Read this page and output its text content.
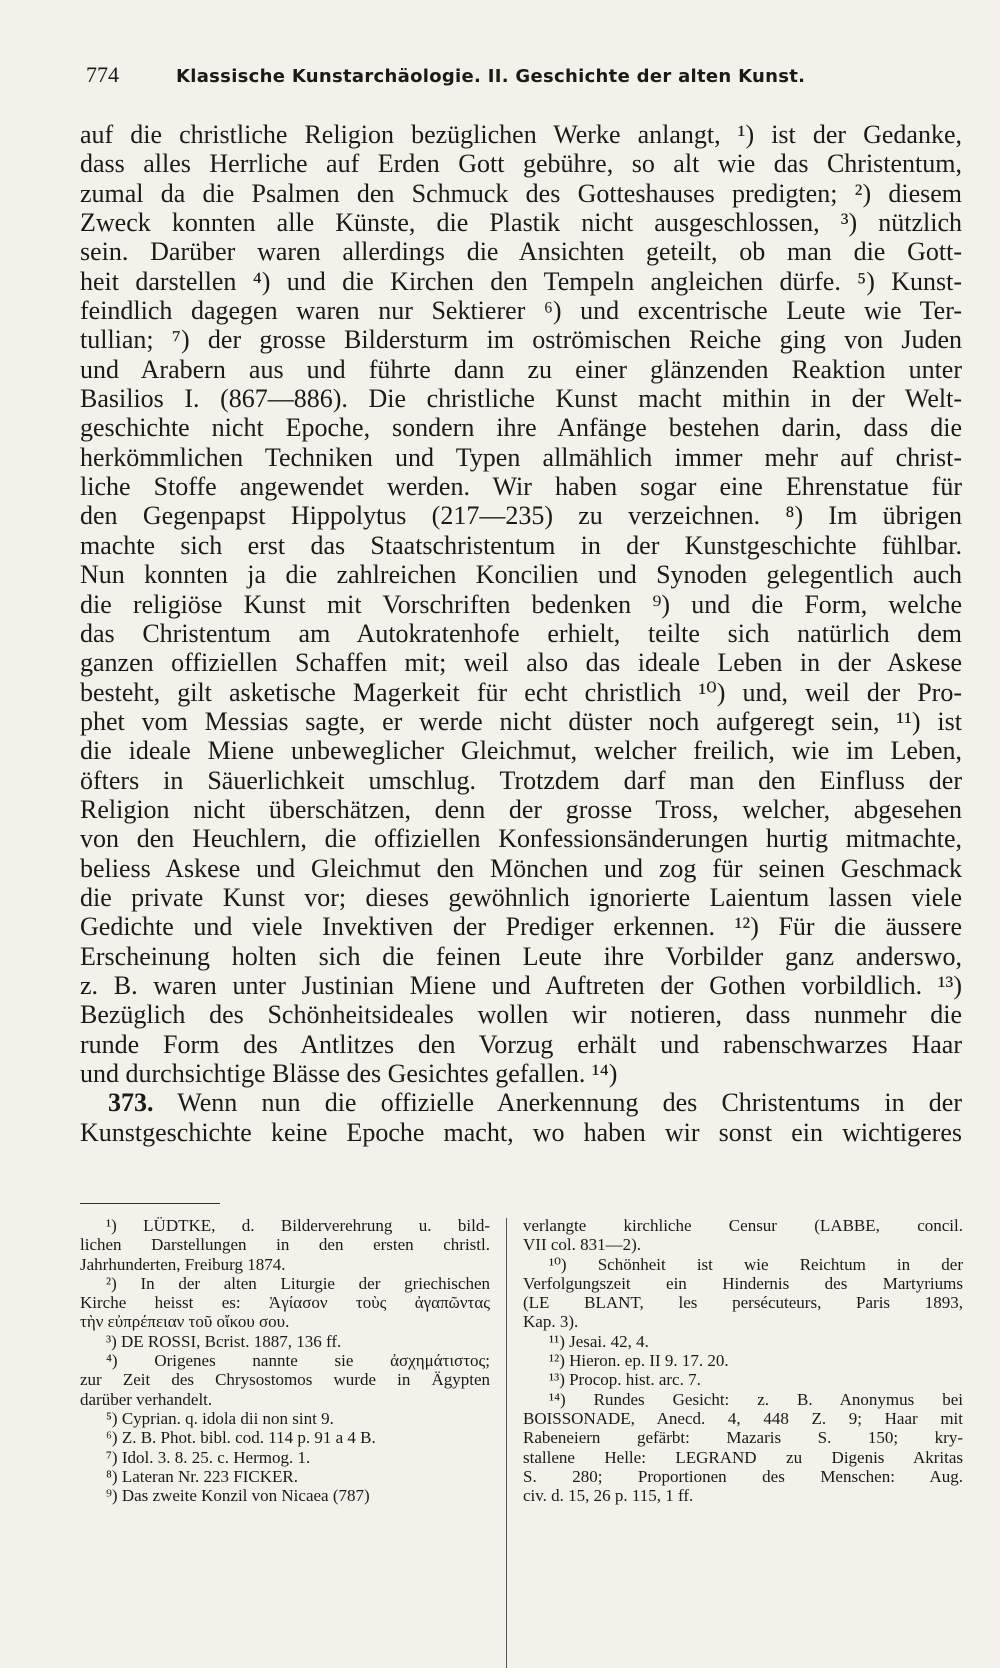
774	Klassische Kunstarchäologie. II. Geschichte der alten Kunst.
auf die christliche Religion bezüglichen Werke anlangt, ¹) ist der Gedanke,
dass alles Herrliche auf Erden Gott gebühre, so alt wie das Christentum,
zumal da die Psalmen den Schmuck des Gotteshauses predigten; ²) diesem
Zweck konnten alle Künste, die Plastik nicht ausgeschlossen, ³) nützlich
sein. Darüber waren allerdings die Ansichten geteilt, ob man die Gott-
heit darstellen ⁴) und die Kirchen den Tempeln angleichen dürfe. ⁵) Kunst-
feindlich dagegen waren nur Sektierer ⁶) und excentrische Leute wie Ter-
tullian; ⁷) der grosse Bildersturm im oströmischen Reiche ging von Juden
und Arabern aus und führte dann zu einer glänzenden Reaktion unter
Basilios I. (867—886). Die christliche Kunst macht mithin in der Welt-
geschichte nicht Epoche, sondern ihre Anfänge bestehen darin, dass die
herkömmlichen Techniken und Typen allmählich immer mehr auf christ-
liche Stoffe angewendet werden. Wir haben sogar eine Ehrenstatue für
den Gegenpapst Hippolytus (217—235) zu verzeichnen. ⁸) Im übrigen
machte sich erst das Staatschristentum in der Kunstgeschichte fühlbar.
Nun konnten ja die zahlreichen Koncilien und Synoden gelegentlich auch
die religiöse Kunst mit Vorschriften bedenken ⁹) und die Form, welche
das Christentum am Autokratenhofe erhielt, teilte sich natürlich dem
ganzen offiziellen Schaffen mit; weil also das ideale Leben in der Askese
besteht, gilt asketische Magerkeit für echt christlich ¹⁰) und, weil der Pro-
phet vom Messias sagte, er werde nicht düster noch aufgeregt sein, ¹¹) ist
die ideale Miene unbeweglicher Gleichmut, welcher freilich, wie im Leben,
öfters in Säuerlichkeit umschlug. Trotzdem darf man den Einfluss der
Religion nicht überschätzen, denn der grosse Tross, welcher, abgesehen
von den Heuchlern, die offiziellen Konfessionsänderungen hurtig mitmachte,
beliess Askese und Gleichmut den Mönchen und zog für seinen Geschmack
die private Kunst vor; dieses gewöhnlich ignorierte Laientum lassen viele
Gedichte und viele Invektiven der Prediger erkennen. ¹²) Für die äussere
Erscheinung holten sich die feinen Leute ihre Vorbilder ganz anderswo,
z. B. waren unter Justinian Miene und Auftreten der Gothen vorbildlich. ¹³)
Bezüglich des Schönheitsideales wollen wir notieren, dass nunmehr die
runde Form des Antlitzes den Vorzug erhält und rabenschwarzes Haar
und durchsichtige Blässe des Gesichtes gefallen. ¹⁴)
373. Wenn nun die offizielle Anerkennung des Christentums in der
Kunstgeschichte keine Epoche macht, wo haben wir sonst ein wichtigeres
¹) LÜDTKE, d. Bilderverehrung u. bild-
lichen Darstellungen in den ersten christl.
Jahrhunderten, Freiburg 1874.
²) In der alten Liturgie der griechischen
Kirche heisst es: Ἁγίασον τοὺς ἀγαπῶντας
τὴν εὐπρέπειαν τοῦ οἴκου σου.
³) DE ROSSI, Bcrist. 1887, 136 ff.
⁴) Origenes nannte sie ἀσχημάτιστος;
zur Zeit des Chrysostomos wurde in Ägypten
darüber verhandelt.
⁵) Cyprian. q. idola dii non sint 9.
⁶) Z. B. Phot. bibl. cod. 114 p. 91 a 4 B.
⁷) Idol. 3. 8. 25. c. Hermog. 1.
⁸) Lateran Nr. 223 FICKER.
⁹) Das zweite Konzil von Nicaea (787)
verlangte kirchliche Censur (LABBE, concil.
VII col. 831—2).
¹⁰) Schönheit ist wie Reichtum in der
Verfolgungszeit ein Hindernis des Martyriums
(LE BLANT, les persécuteurs, Paris 1893,
Kap. 3).
¹¹) Jesai. 42, 4.
¹²) Hieron. ep. II 9. 17. 20.
¹³) Procop. hist. arc. 7.
¹⁴) Rundes Gesicht: z. B. Anonymus bei
BOISSONADE, Anecd. 4, 448 Z. 9; Haar mit
Rabeneiern gefärbt: Mazaris S. 150; kry-
stallene Helle: LEGRAND zu Digenis Akritas
S. 280; Proportionen des Menschen: Aug.
civ. d. 15, 26 p. 115, 1 ff.
